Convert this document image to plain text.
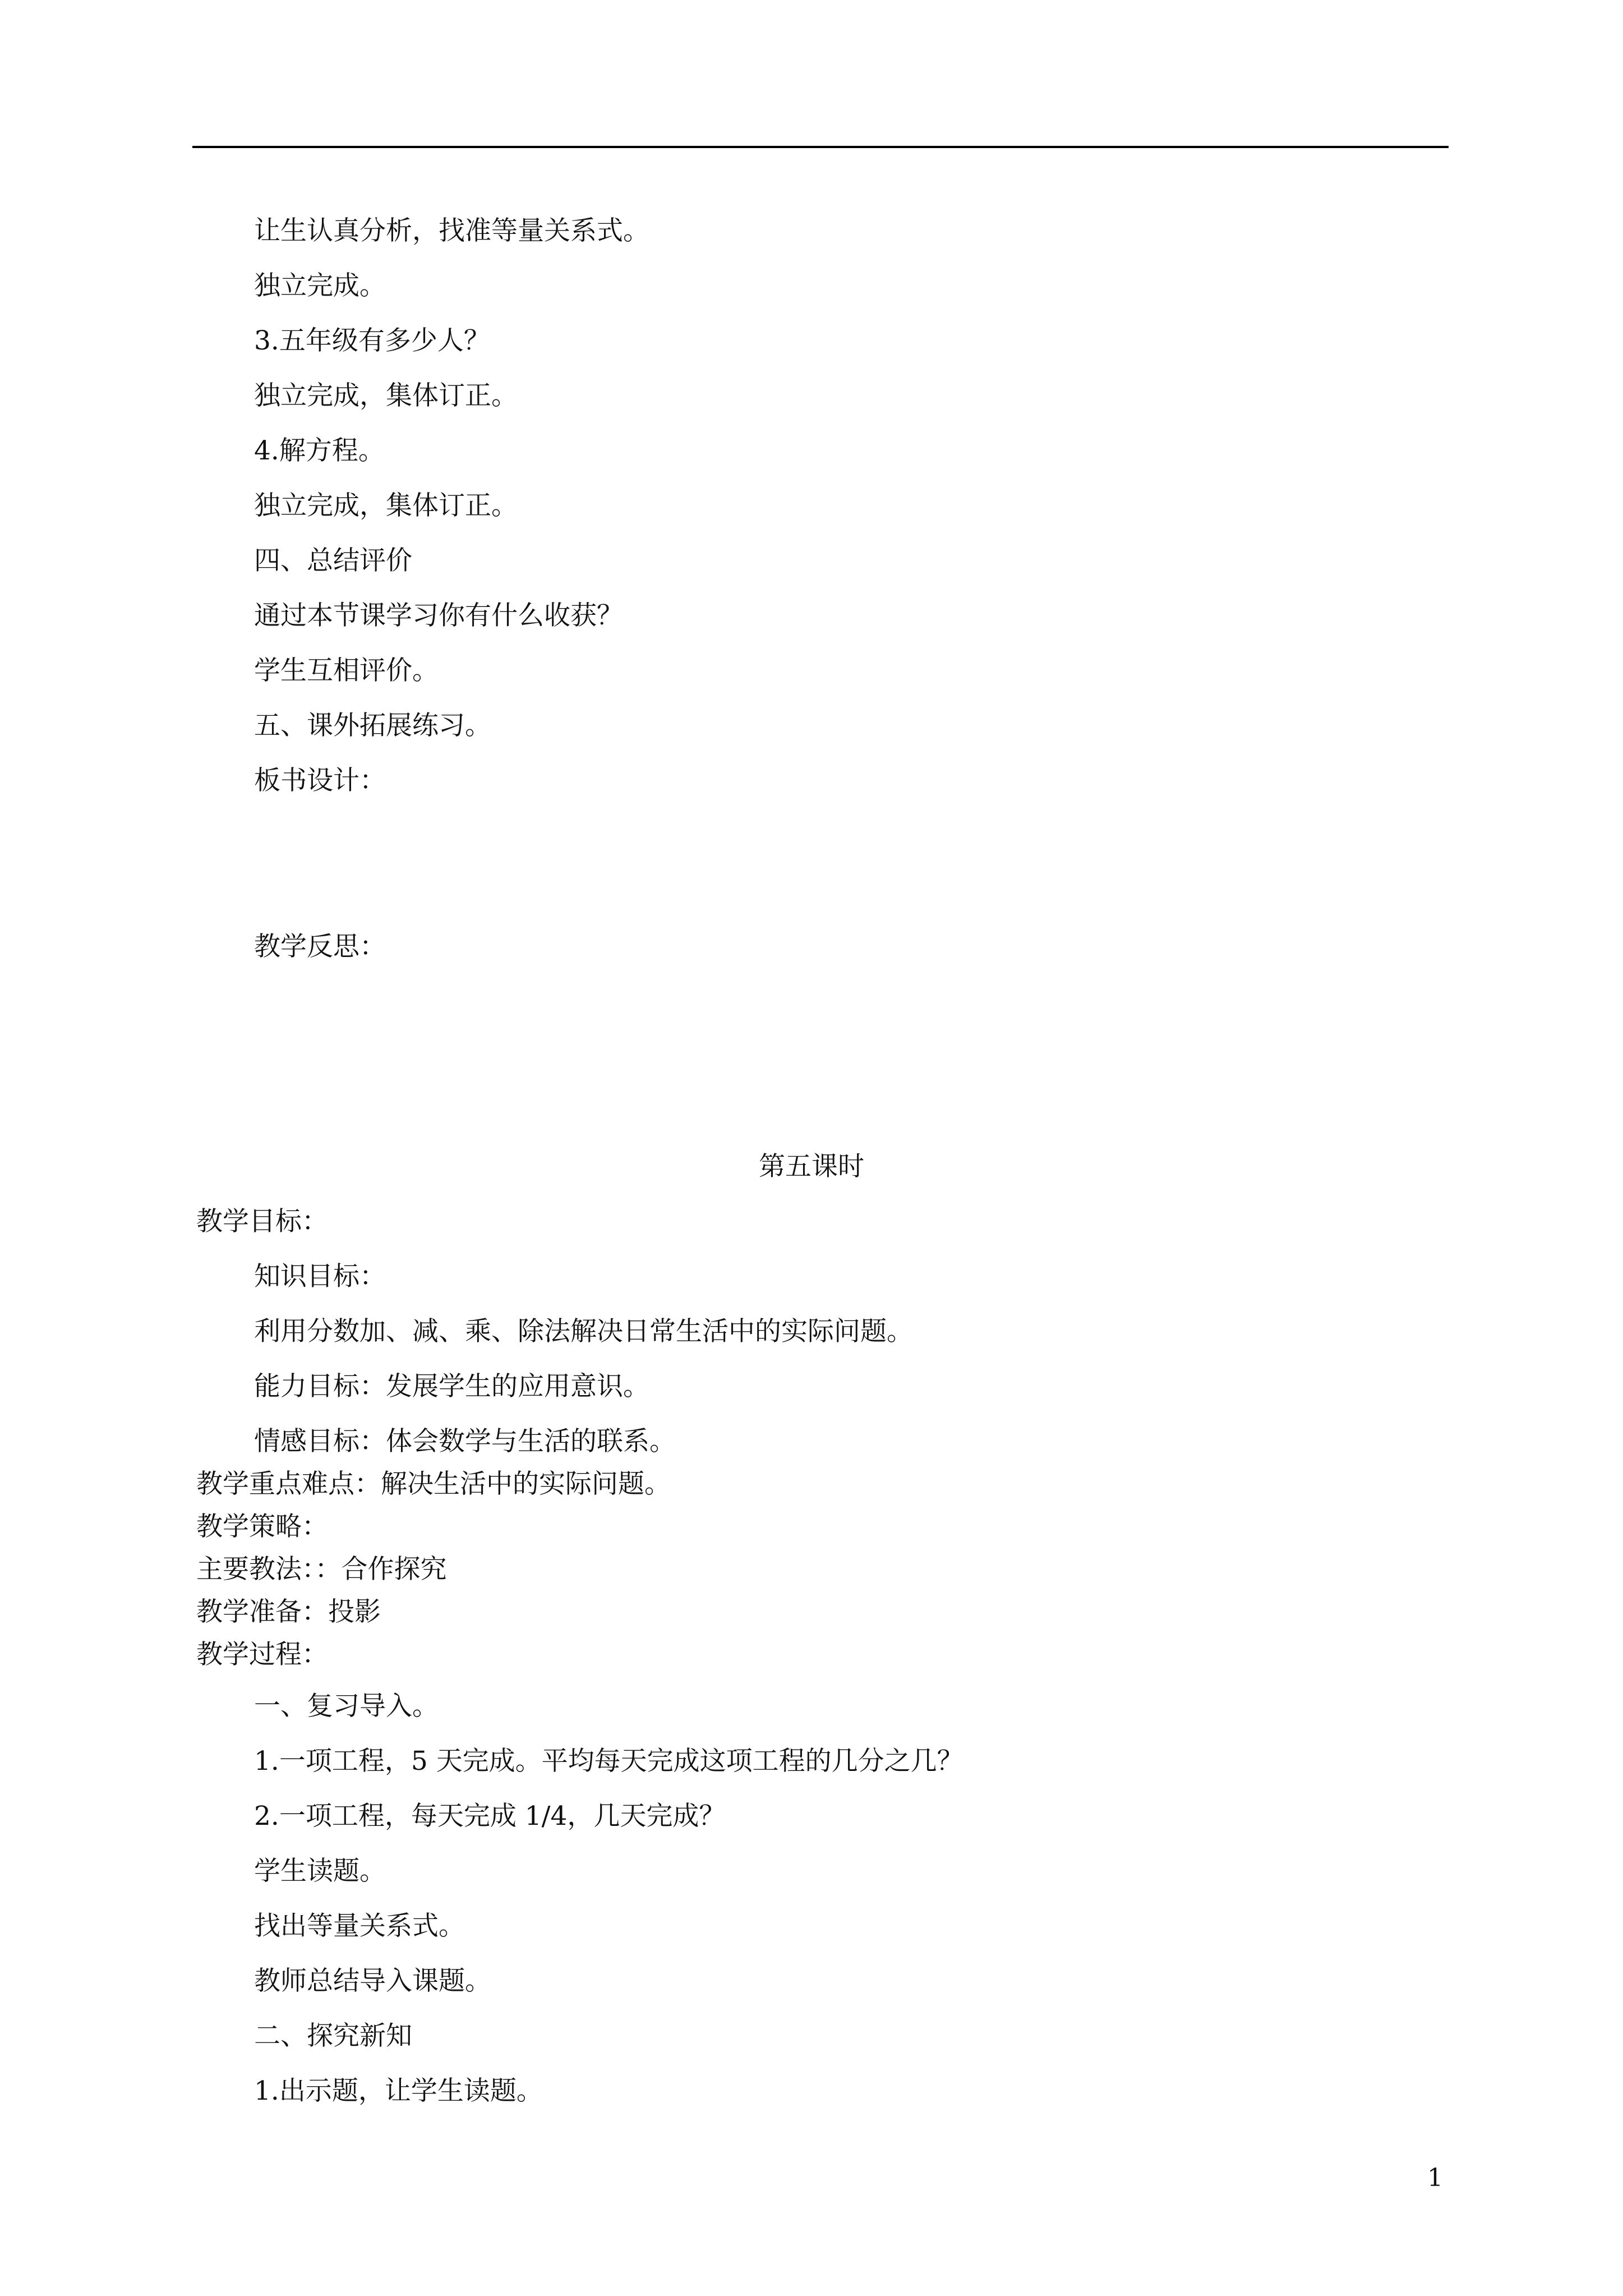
让生认真分析，找准等量关系式。
独立完成。
3.五年级有多少人？
独立完成，集体订正。
4.解方程。
独立完成，集体订正。
四、总结评价
通过本节课学习你有什么收获？
学生互相评价。
五、课外拓展练习。
板书设计：
教学反思：
第五课时
教学目标：
知识目标：
利用分数加、减、乘、除法解决日常生活中的实际问题。
能力目标：发展学生的应用意识。
情感目标：体会数学与生活的联系。
教学重点难点：解决生活中的实际问题。
教学策略：
主要教法：：合作探究
教学准备：投影
教学过程：
一、复习导入。
1.一项工程，5 天完成。平均每天完成这项工程的几分之几？
2.一项工程，每天完成 1/4，几天完成？
学生读题。
找出等量关系式。
教师总结导入课题。
二、探究新知
1.出示题，让学生读题。
1
